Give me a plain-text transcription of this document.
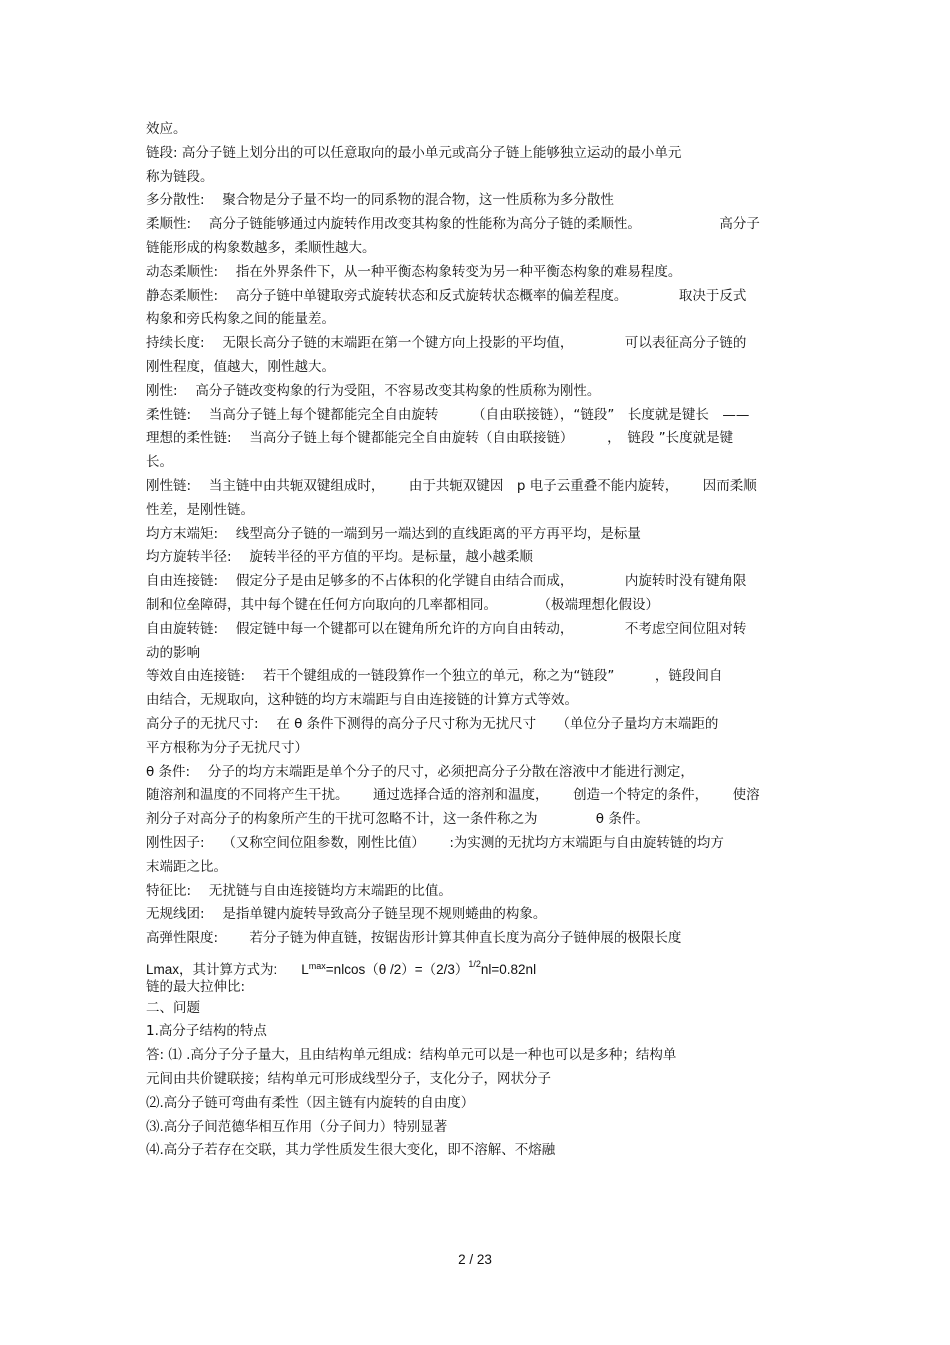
效应。
链段: 高分子链上划分出的可以任意取向的最小单元或高分子链上能够独立运动的最小单元
称为链段。
多分散性:　 聚合物是分子量不均一的同系物的混合物，这一性质称为多分散性
柔顺性:　 高分子链能够通过内旋转作用改变其构象的性能称为高分子链的柔顺性。　　　　　　 高分子
链能形成的构象数越多，柔顺性越大。
动态柔顺性:　 指在外界条件下，从一种平衡态构象转变为另一种平衡态构象的难易程度。
静态柔顺性:　 高分子链中单键取旁式旋转状态和反式旋转状态概率的偏差程度。　　　　 取决于反式
构象和旁氏构象之间的能量差。
持续长度:　 无限长高分子链的末端距在第一个键方向上投影的平均值，　　　　 可以表征高分子链的
刚性程度，值越大，刚性越大。
刚性:　 高分子链改变构象的行为受阻，不容易改变其构象的性质称为刚性。
柔性链:　 当高分子链上每个键都能完全自由旋转　　　（自由联接链），“链段”　长度就是键长　——
理想的柔性链:　 当高分子链上每个键都能完全自由旋转（自由联接链）　　　，　链段 ”长度就是键
长。
刚性链:　 当主链中由共轭双键组成时，　　 由于共轭双键因　p 电子云重叠不能内旋转，　　 因而柔顺
性差，是刚性链。
均方末端矩:　 线型高分子链的一端到另一端达到的直线距离的平方再平均，是标量
均方旋转半径:　 旋转半径的平方值的平均。是标量，越小越柔顺
自由连接链:　 假定分子是由足够多的不占体积的化学键自由结合而成，　　　　 内旋转时没有键角限
制和位垒障碍，其中每个键在任何方向取向的几率都相同。　　　　（极端理想化假设）
自由旋转链:　 假定链中每一个键都可以在键角所允许的方向自由转动，　　　　 不考虑空间位阻对转
动的影响
等效自由连接链:　 若干个键组成的一链段算作一个独立的单元，称之为“链段”　　　，链段间自
由结合，无规取向，这种链的均方末端距与自由连接链的计算方式等效。
高分子的无扰尺寸:　 在 θ 条件下测得的高分子尺寸称为无扰尺寸　　（单位分子量均方末端距的
平方根称为分子无扰尺寸）
θ 条件:　 分子的均方末端距是单个分子的尺寸，必须把高分子分散在溶液中才能进行测定，
随溶剂和温度的不同将产生干扰。　　 通过选择合适的溶剂和温度，　　 创造一个特定的条件，　　 使溶
剂分子对高分子的构象所产生的干扰可忽略不计，这一条件称之为　　　　 θ 条件。
刚性因子:　 （又称空间位阻参数，刚性比值）　　 :为实测的无扰均方末端距与自由旋转链的均方
末端距之比。
特征比:　 无扰链与自由连接链均方末端距的比值。
无规线团:　 是指单键内旋转导致高分子链呈现不规则蜷曲的构象。
高弹性限度:　　 若分子链为伸直链，按锯齿形计算其伸直长度为高分子链伸展的极限长度
Lmax，其计算方式为: $L^{max}=nlcos(\theta$ $/2)=(2/3)^{1/2}nl=0.82nl$
链的最大拉伸比:
二、问题
1.高分子结构的特点
答: ⑴ .高分子分子量大，且由结构单元组成：结构单元可以是一种也可以是多种；结构单
元间由共价键联接；结构单元可形成线型分子，支化分子，网状分子
⑵.高分子链可弯曲有柔性（因主链有内旋转的自由度）
⑶.高分子间范德华相互作用（分子间力）特别显著
⑷.高分子若存在交联，其力学性质发生很大变化，即不溶解、不熔融
2 / 23
